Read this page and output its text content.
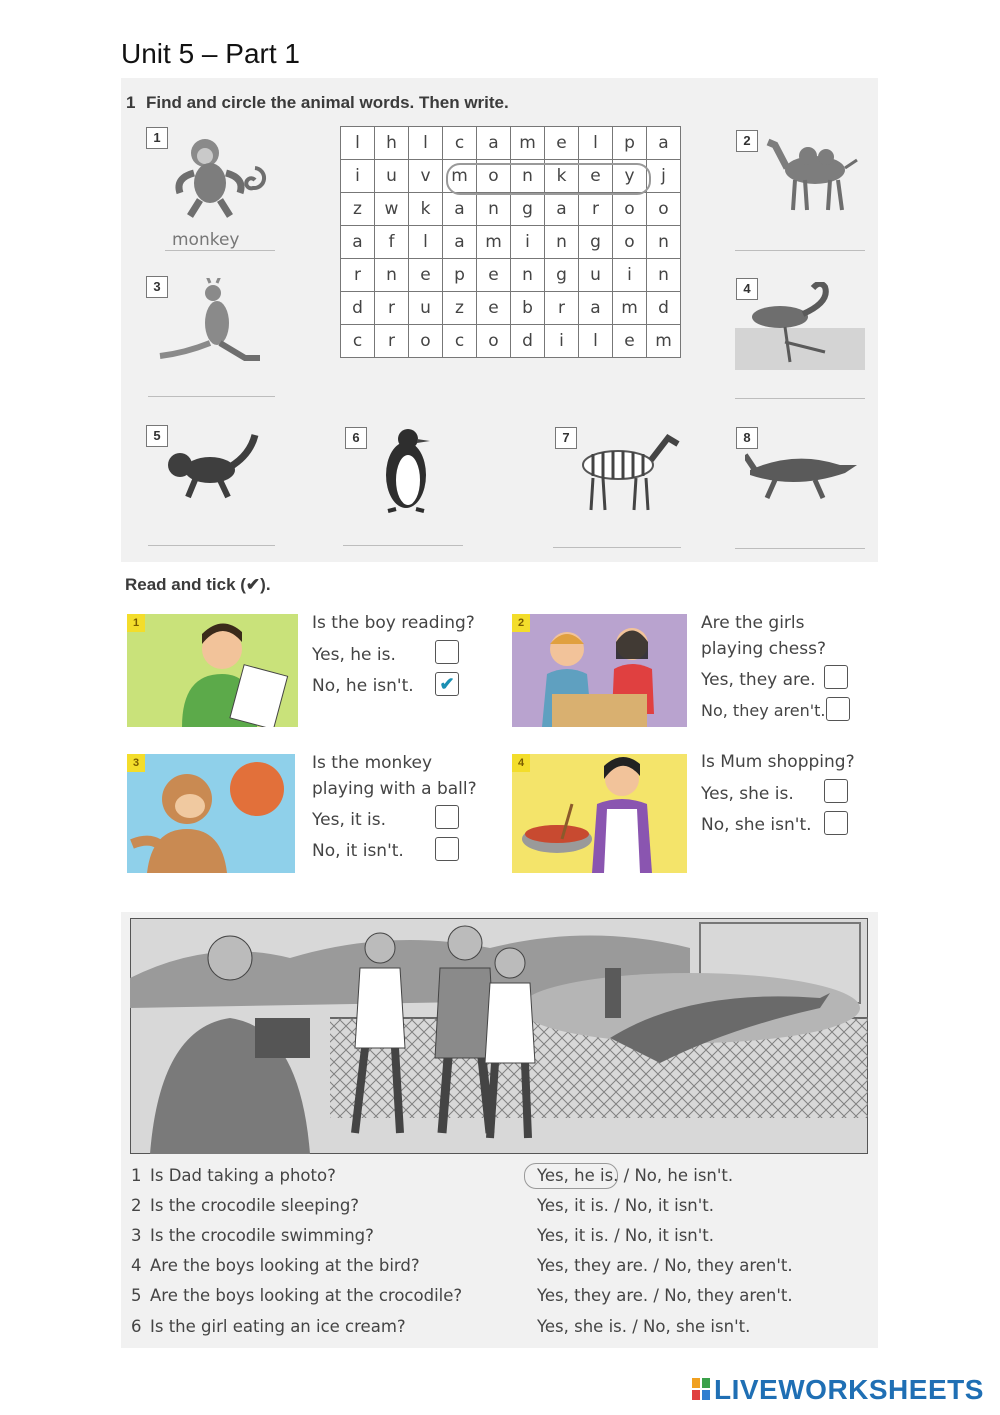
Unit 5 – Part 1
1 Find and circle the animal words. Then write.
l	h	l	c	a	m	e	l	p	a
i	u	v	m	o	n	k	e	y	j
z	w	k	a	n	g	a	r	o	o
a	f	l	a	m	i	n	g	o	n
r	n	e	p	e	n	g	u	i	n
d	r	u	z	e	b	r	a	m	d
c	r	o	c	o	d	i	l	e	m
1
monkey
2
3	4
5	6	7	8
Read and tick (✔).
1	Is the boy reading?
Yes, he is.
No, he isn't. ✔
2	Are the girls
playing chess?
Yes, they are.
No, they aren't.
3	Is the monkey
playing with a ball?
Yes, it is.
No, it isn't.
4	Is Mum shopping?
Yes, she is.
No, she isn't.
1 Is Dad taking a photo?	Yes, he is. / No, he isn't.
2 Is the crocodile sleeping?	Yes, it is. / No, it isn't.
3 Is the crocodile swimming?	Yes, it is. / No, it isn't.
4 Are the boys looking at the bird?	Yes, they are. / No, they aren't.
5 Are the boys looking at the crocodile?	Yes, they are. / No, they aren't.
6 Is the girl eating an ice cream?	Yes, she is. / No, she isn't.
LIVEWORKSHEETS
